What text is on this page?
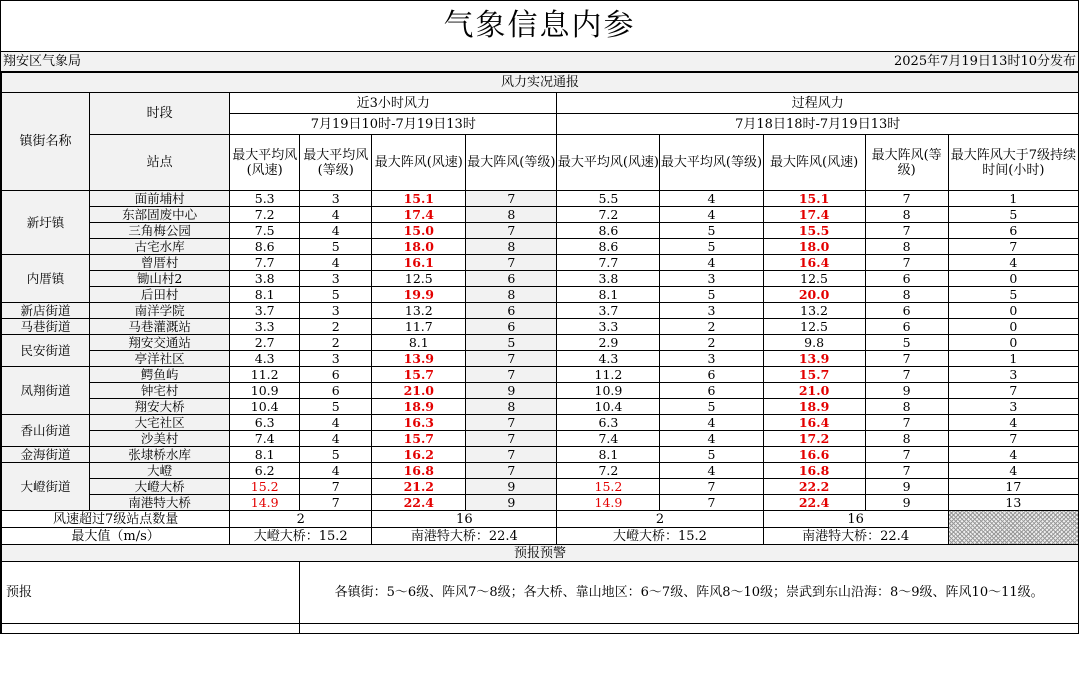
气象信息内参
翔安区气象局	2025年7月19日13时10分发布
风力实况通报										
镇街名称	时段	近3小时风力				过程风力				
		7月19日10时-7月19日13时				7月18日18时-7月19日13时				
	站点	最大平均风(风速)	最大平均风(等级)	最大阵风(风速)	最大阵风(等级)	最大平均风(风速)	最大平均风(等级)	最大阵风(风速)	最大阵风(等级)	最大阵风大于7级持续时间(小时)

新圩镇	面前埔村	5.3	3	15.1	7	5.5	4	15.1	7	1
	东部固废中心	7.2	4	17.4	8	7.2	4	17.4	8	5
	三角梅公园	7.5	4	15.0	7	8.6	5	15.5	7	6
	古宅水库	8.6	5	18.0	8	8.6	5	18.0	8	7
内厝镇	曾厝村	7.7	4	16.1	7	7.7	4	16.4	7	4
	锄山村2	3.8	3	12.5	6	3.8	3	12.5	6	0
	后田村	8.1	5	19.9	8	8.1	5	20.0	8	5
新店街道	南洋学院	3.7	3	13.2	6	3.7	3	13.2	6	0
马巷街道	马巷灌溉站	3.3	2	11.7	6	3.3	2	12.5	6	0
民安街道	翔安交通站	2.7	2	8.1	5	2.9	2	9.8	5	0
	亭洋社区	4.3	3	13.9	7	4.3	3	13.9	7	1
凤翔街道	鳄鱼屿	11.2	6	15.7	7	11.2	6	15.7	7	3
	钟宅村	10.9	6	21.0	9	10.9	6	21.0	9	7
	翔安大桥	10.4	5	18.9	8	10.4	5	18.9	8	3
香山街道	大宅社区	6.3	4	16.3	7	6.3	4	16.4	7	4
	沙美村	7.4	4	15.7	7	7.4	4	17.2	8	7
金海街道	张埭桥水库	8.1	5	16.2	7	8.1	5	16.6	7	4
大嶝街道	大嶝	6.2	4	16.8	7	7.2	4	16.8	7	4
	大嶝大桥	15.2	7	21.2	9	15.2	7	22.2	9	17
	南港特大桥	14.9	7	22.4	9	14.9	7	22.4	9	13
风速超过7级站点数量		2		16		2		16		
最大值（m/s）		大嶝大桥：15.2		南港特大桥：22.4		大嶝大桥：15.2		南港特大桥：22.4		
预报预警										
预报			各镇街：5～6级、阵风7～8级；各大桥、靠山地区：6～7级、阵风8～10级；崇武到东山沿海：8～9级、阵风10～11级。							
